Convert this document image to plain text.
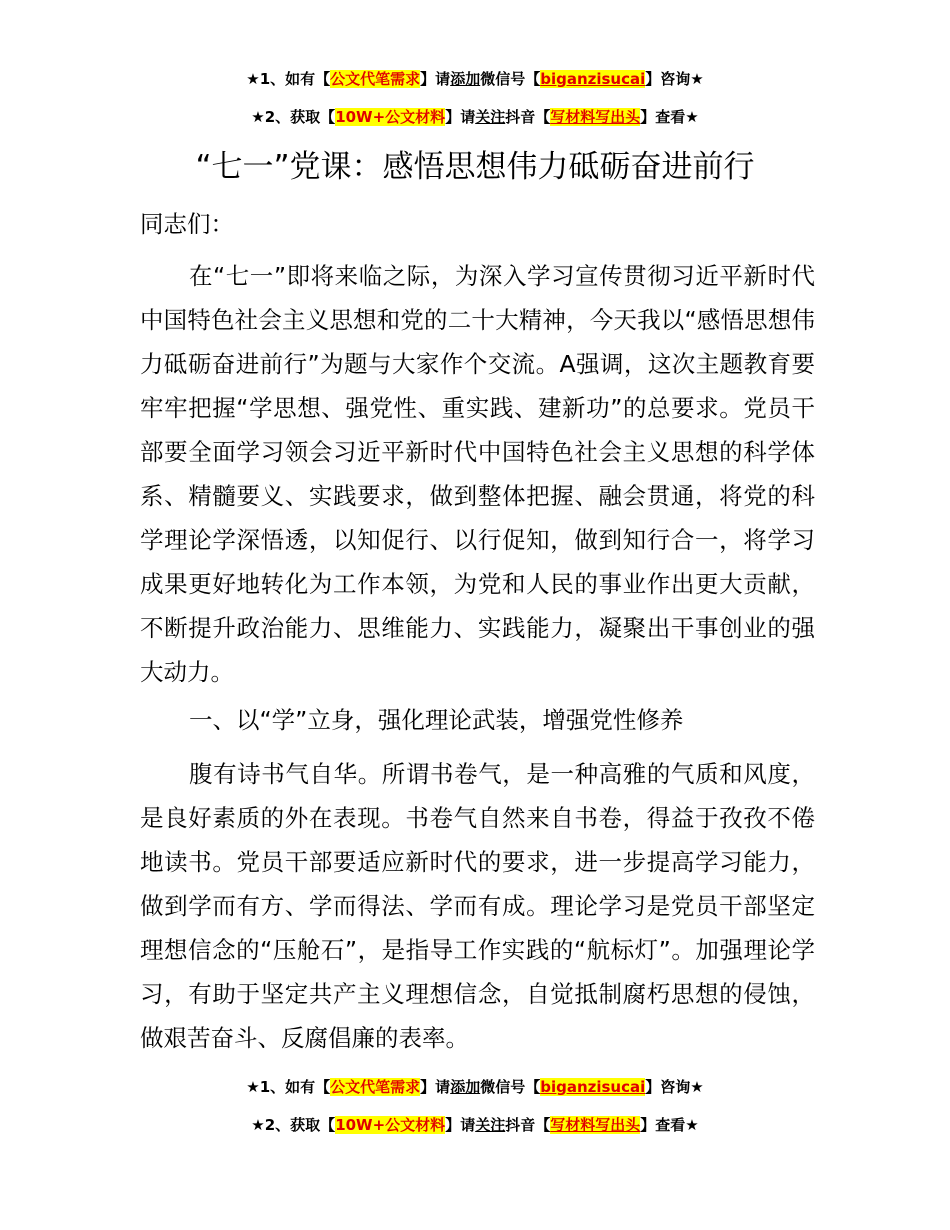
★1、如有【公文代笔需求】请添加微信号【biganzisucai】咨询★
★2、获取【10W+公文材料】请关注抖音【写材料写出头】查看★
“七一”党课：感悟思想伟力砥砺奋进前行

同志们：

在“七一”即将来临之际，为深入学习宣传贯彻习近平新时代中国特色社会主义思想和党的二十大精神，今天我以“感悟思想伟力砥砺奋进前行”为题与大家作个交流。A强调，这次主题教育要牢牢把握“学思想、强党性、重实践、建新功”的总要求。党员干部要全面学习领会习近平新时代中国特色社会主义思想的科学体系、精髓要义、实践要求，做到整体把握、融会贯通，将党的科学理论学深悟透，以知促行、以行促知，做到知行合一，将学习成果更好地转化为工作本领，为党和人民的事业作出更大贡献，不断提升政治能力、思维能力、实践能力，凝聚出干事创业的强大动力。

一、以“学”立身，强化理论武装，增强党性修养

腹有诗书气自华。所谓书卷气，是一种高雅的气质和风度，是良好素质的外在表现。书卷气自然来自书卷，得益于孜孜不倦地读书。党员干部要适应新时代的要求，进一步提高学习能力，做到学而有方、学而得法、学而有成。理论学习是党员干部坚定理想信念的“压舱石”，是指导工作实践的“航标灯”。加强理论学习，有助于坚定共产主义理想信念，自觉抵制腐朽思想的侵蚀，做艰苦奋斗、反腐倡廉的表率。

★1、如有【公文代笔需求】请添加微信号【biganzisucai】咨询★
★2、获取【10W+公文材料】请关注抖音【写材料写出头】查看★
